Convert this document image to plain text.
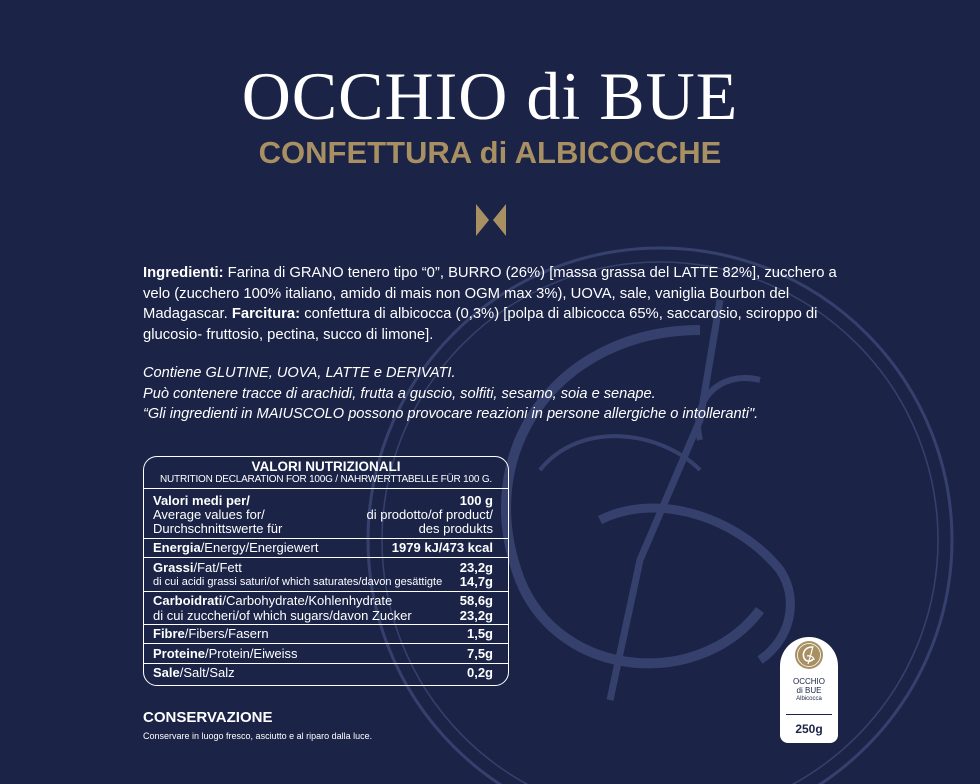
OCCHIO di BUE
CONFETTURA di ALBICOCCHE
Ingredienti: Farina di GRANO tenero tipo “0”, BURRO (26%) [massa grassa del LATTE 82%], zucchero a velo (zucchero 100% italiano, amido di mais non OGM max 3%), UOVA, sale, vaniglia Bourbon del Madagascar. Farcitura: confettura di albicocca (0,3%) [polpa di albicocca 65%, saccarosio, sciroppo di glucosio- fruttosio, pectina, succo di limone].
Contiene GLUTINE, UOVA, LATTE e DERIVATI.
Può contenere tracce di arachidi, frutta a guscio, solfiti, sesamo, soia e senape.
“Gli ingredienti in MAIUSCOLO possono provocare reazioni in persone allergiche o intolleranti".
VALORI NUTRIZIONALI
NUTRITION DECLARATION FOR 100G / NAHRWERTTABELLE FÜR 100 G.
Valori medi per/	100 g
Average values for/	di prodotto/of product/
Durchschnittswerte für	des produkts
Energia/Energy/Energiewert	1979 kJ/473 kcal
Grassi/Fat/Fett	23,2g
di cui acidi grassi saturi/of which saturates/davon gesättigte 14,7g
Carboidrati/Carbohydrate/Kohlenhydrate	58,6g
di cui zuccheri/of which sugars/davon Zucker	23,2g
Fibre/Fibers/Fasern	1,5g
Proteine/Protein/Eiweiss	7,5g
Sale/Salt/Salz	0,2g
CONSERVAZIONE
Conservare in luogo fresco, asciutto e al riparo dalla luce.
OCCHIO
di BUE
Albicocca
250g
